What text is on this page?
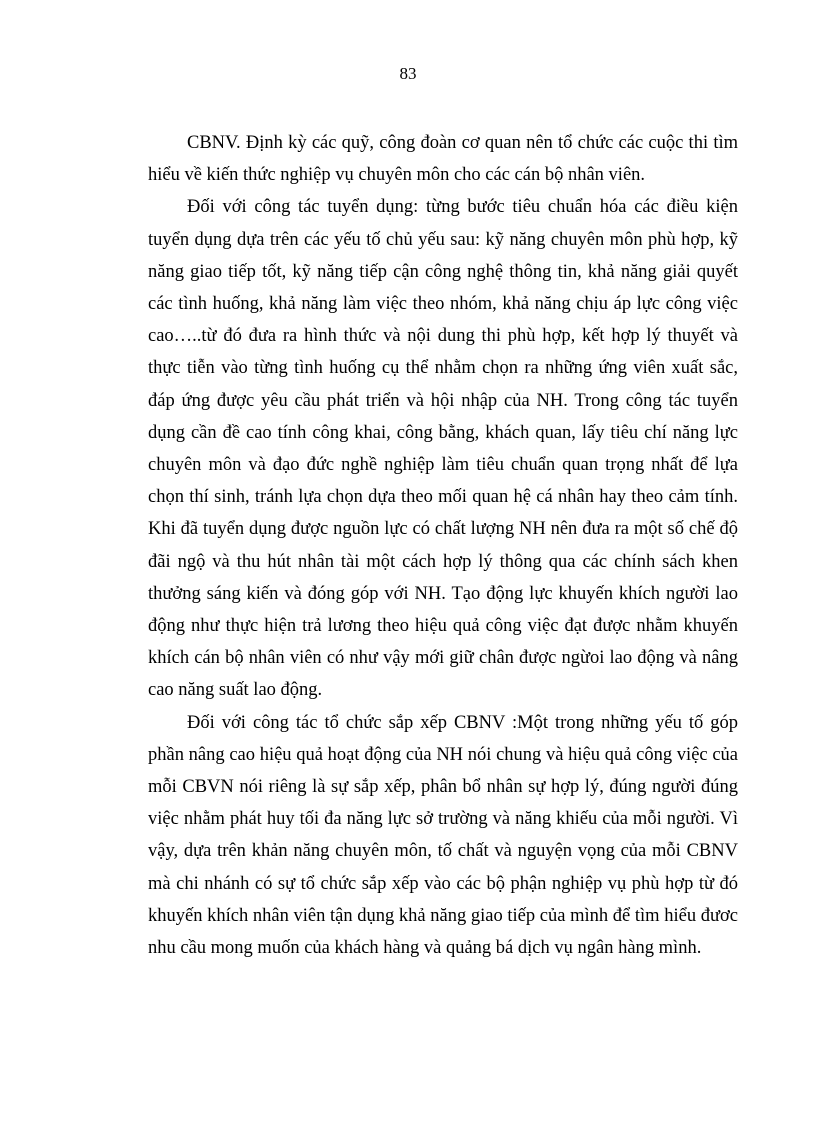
83

CBNV. Định kỳ các quỹ, công đoàn cơ quan nên tổ chức các cuộc thi tìm hiểu về kiến thức nghiệp vụ chuyên môn cho các cán bộ nhân viên.

Đối với công tác tuyển dụng: từng bước tiêu chuẩn hóa các điều kiện tuyển dụng dựa trên các yếu tố chủ yếu sau: kỹ năng chuyên môn phù hợp, kỹ năng giao tiếp tốt, kỹ năng tiếp cận công nghệ thông tin, khả năng giải quyết các tình huống, khả năng làm việc theo nhóm, khả năng chịu áp lực công việc cao…..từ đó đưa ra hình thức và nội dung thi phù hợp, kết hợp lý thuyết và thực tiễn vào từng tình huống cụ thể nhằm chọn ra những ứng viên xuất sắc, đáp ứng được yêu cầu phát triển và hội nhập của NH. Trong công tác tuyển dụng cần đề cao tính công khai, công bằng, khách quan, lấy tiêu chí năng lực chuyên môn và đạo đức nghề nghiệp làm tiêu chuẩn quan trọng nhất để lựa chọn thí sinh, tránh lựa chọn dựa theo mối quan hệ cá nhân hay theo cảm tính. Khi đã tuyển dụng được nguồn lực có chất lượng NH nên đưa ra một số chế độ đãi ngộ và thu hút nhân tài một cách hợp lý thông qua các chính sách khen thưởng sáng kiến và đóng góp với NH. Tạo động lực khuyến khích người lao động như thực hiện trả lương theo hiệu quả công việc đạt được nhằm khuyến khích cán bộ nhân viên có như vậy mới giữ chân được ngừoi lao động và nâng cao năng suất lao động.

Đối với công tác tổ chức sắp xếp CBNV :Một trong những yếu tố góp phần nâng cao hiệu quả hoạt động của NH nói chung và hiệu quả công việc của mỗi CBVN nói riêng là sự sắp xếp, phân bổ nhân sự hợp lý, đúng người đúng việc nhằm phát huy tối đa năng lực sở trường và năng khiếu của mỗi người. Vì vậy, dựa trên khản năng chuyên môn, tố chất và nguyện vọng của mỗi CBNV mà chi nhánh có sự tổ chức sắp xếp vào các bộ phận nghiệp vụ phù hợp từ đó khuyến khích nhân viên tận dụng khả năng giao tiếp của mình để tìm hiểu đươc nhu cầu mong muốn của khách hàng và quảng bá dịch vụ ngân hàng mình.
